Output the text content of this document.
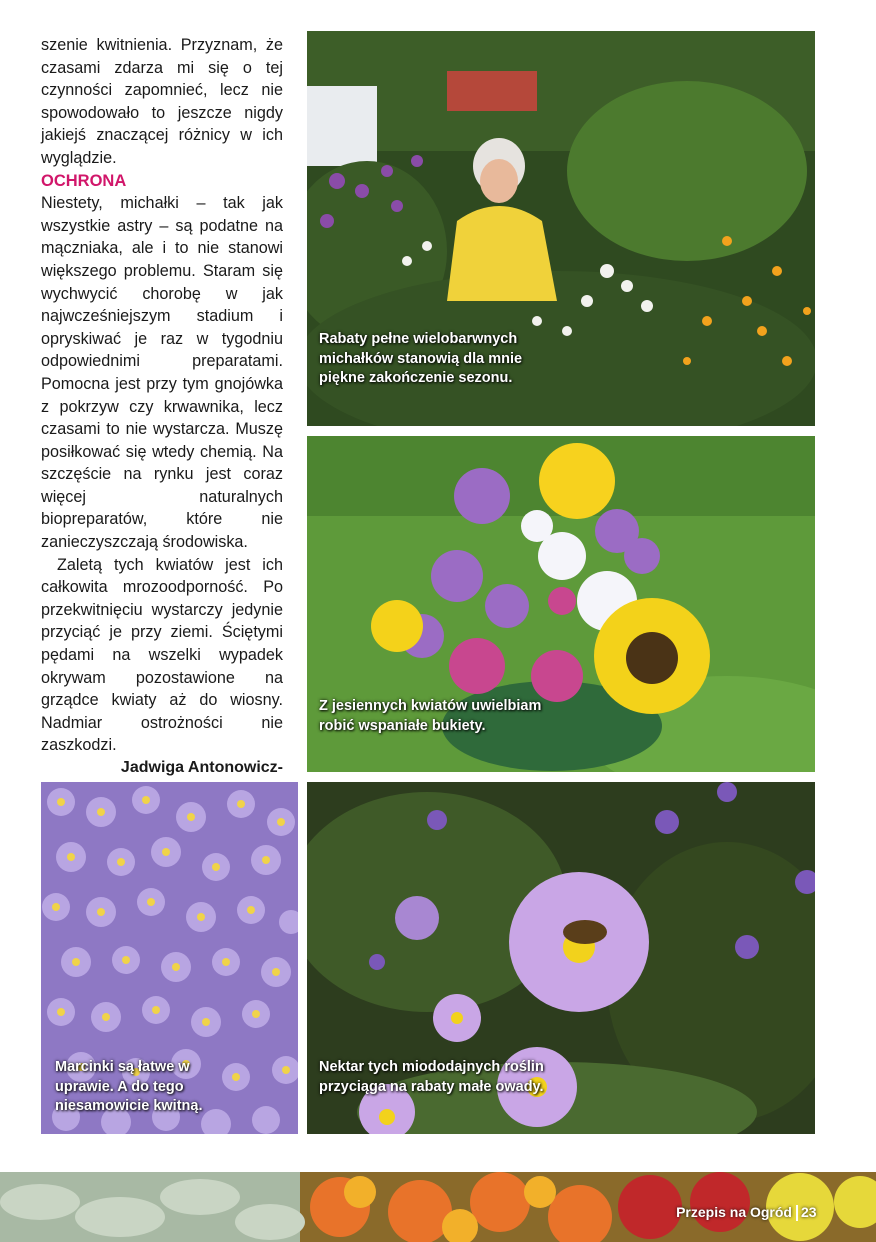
szenie kwitnienia. Przyznam, że czasami zdarza mi się o tej czynności zapomnieć, lecz nie spowodowało to jeszcze nigdy jakiejś znaczącej różnicy w ich wyglądzie.

OCHRONA

Niestety, michałki – tak jak wszystkie astry – są podatne na mączniaka, ale i to nie stanowi większego problemu. Staram się wychwycić chorobę w jak najwcześniejszym stadium i opryskiwać je raz w tygodniu odpowiednimi preparatami. Pomocna jest przy tym gnojówka z pokrzyw czy krwawnika, lecz czasami to nie wystarcza. Muszę posiłkować się wtedy chemią. Na szczęście na rynku jest coraz więcej naturalnych biopreparatów, które nie zanieczyszczają środowiska.

Zaletą tych kwiatów jest ich całkowita mrozoodporność. Po przekwitnięciu wystarczy jedynie przyciąć je przy ziemi. Ściętymi pędami na wszelki wypadek okrywam pozostawione na grządce kwiaty aż do wiosny. Nadmiar ostrożności nie zaszkodzi.

Jadwiga Antonowicz-
Rabaty pełne wielobarwnych michałków stanowią dla mnie piękne zakończenie sezonu.
Z jesiennych kwiatów uwielbiam robić wspaniałe bukiety.
Marcinki są łatwe w uprawie. A do tego niesamowicie kwitną.
Nektar tych miododajnych roślin przyciąga na rabaty małe owady.
Przepis na Ogród 23
